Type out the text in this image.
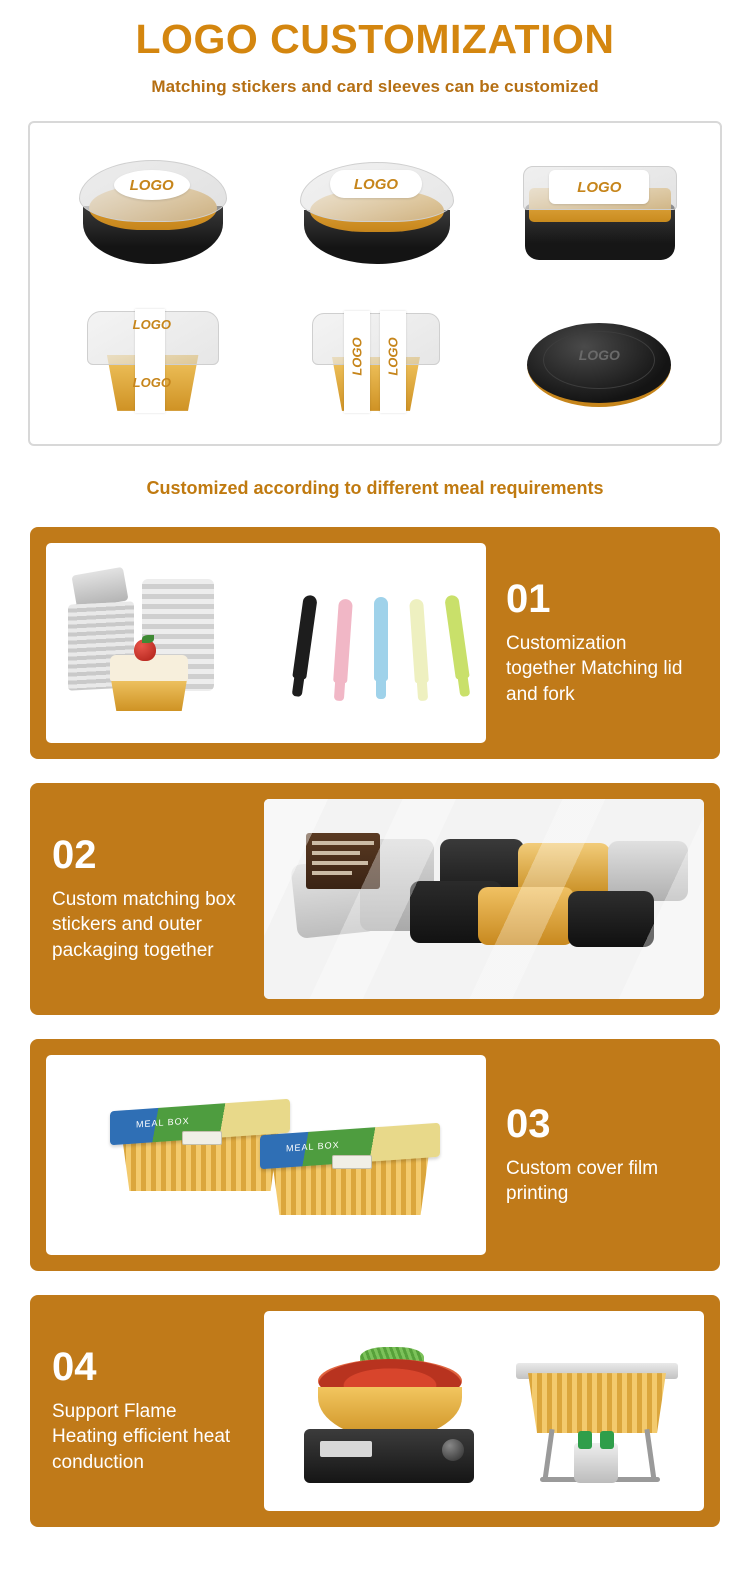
LOGO CUSTOMIZATION
Matching stickers and card sleeves can be customized
LOGO	LOGO	LOGO
LOGO
LOGO
LOGO LOGO	LOGO
Customized according to different meal requirements
01
Customization together Matching lid and fork
02
Custom matching box stickers and outer packaging together
MEAL BOX
MEAL BOX
03
Custom cover film printing
04
Support Flame Heating efficient heat conduction
